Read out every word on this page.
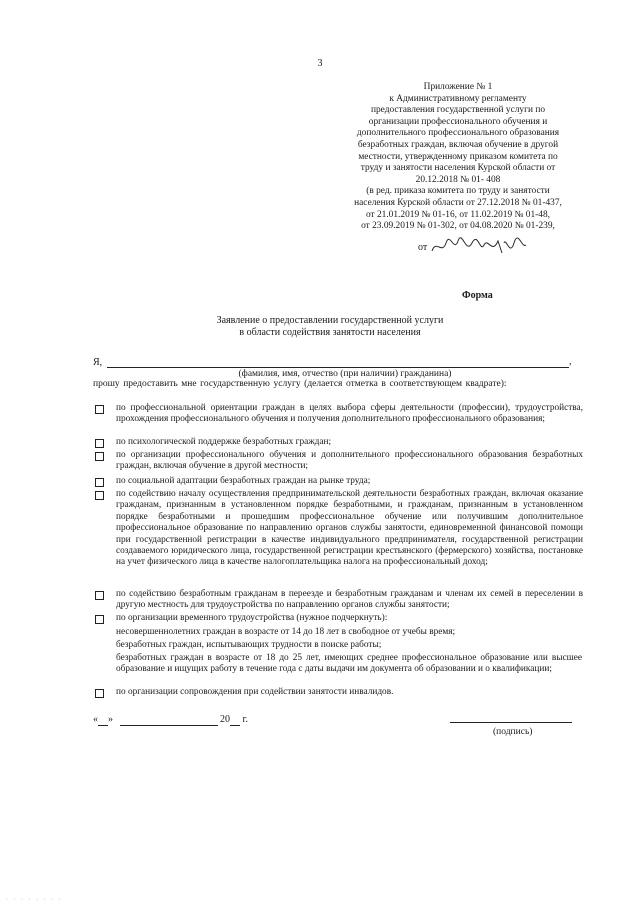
3
Приложение № 1
к Административному регламенту
предоставления государственной услуги по
организации профессионального обучения и
дополнительного профессионального образования
безработных граждан, включая обучение в другой
местности, утвержденному приказом комитета по
труду и занятости населения Курской области от
20.12.2018 № 01- 408
(в ред. приказа комитета по труду и занятости
населения Курской области от 27.12.2018 № 01-437,
от 21.01.2019 № 01-16, от 11.02.2019 № 01-48,
от 23.09.2019 № 01-302, от 04.08.2020 № 01-239,
от
Форма
Заявление о предоставлении государственной услуги
в области содействия занятости населения
Я,	,
(фамилия, имя, отчество (при наличии) гражданина)
прошу предоставить мне государственную услугу (делается отметка в соответствующем квадрате):
по профессиональной ориентации граждан в целях выбора сферы деятельности (профессии), трудоустройства, прохождения профессионального обучения и получения дополнительного профессионального образования;
по психологической поддержке безработных граждан;
по организации профессионального обучения и дополнительного профессионального образования безработных граждан, включая обучение в другой местности;
по социальной адаптации безработных граждан на рынке труда;
по содействию началу осуществления предпринимательской деятельности безработных граждан, включая оказание гражданам, признанным в установленном порядке безработными, и гражданам, признанным в установленном порядке безработными и прошедшим профессиональное обучение или получившим дополнительное профессиональное образование по направлению органов службы занятости, единовременной финансовой помощи при государственной регистрации в качестве индивидуального предпринимателя, государственной регистрации создаваемого юридического лица, государственной регистрации крестьянского (фермерского) хозяйства, постановке на учет физического лица в качестве налогоплательщика налога на профессиональный доход;
по содействию безработным гражданам в переезде и безработным гражданам и членам их семей в переселении в другую местность для трудоустройства по направлению органов службы занятости;
по организации временного трудоустройства (нужное подчеркнуть):
несовершеннолетних граждан в возрасте от 14 до 18 лет в свободное от учебы время;
безработных граждан, испытывающих трудности в поиске работы;
безработных граждан в возрасте от 18 до 25 лет, имеющих среднее профессиональное образование или высшее образование и ищущих работу в течение года с даты выдачи им документа об образовании и о квалификации;
по организации сопровождения при содействии занятости инвалидов.
« »	20 г.
(подпись)
· · · · · · · ·
